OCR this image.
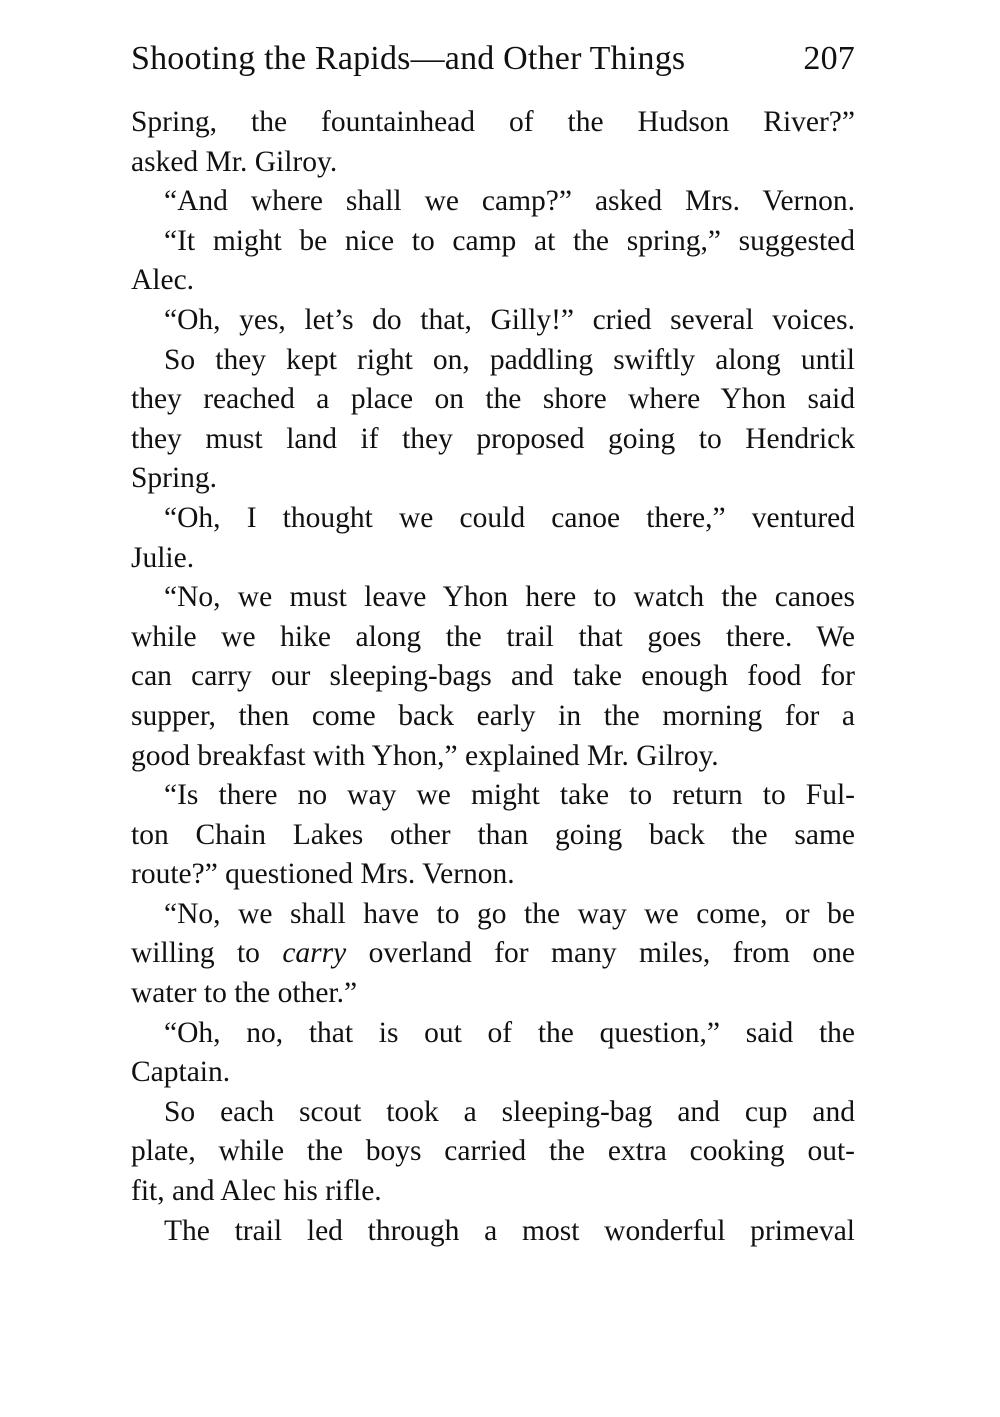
Shooting the Rapids—and Other Things	207
Spring, the fountainhead of the Hudson River?”
asked Mr. Gilroy.
“And where shall we camp?” asked Mrs. Vernon.
“It might be nice to camp at the spring,” suggested
Alec.
“Oh, yes, let’s do that, Gilly!” cried several voices.
So they kept right on, paddling swiftly along until
they reached a place on the shore where Yhon said
they must land if they proposed going to Hendrick
Spring.
“Oh, I thought we could canoe there,” ventured
Julie.
“No, we must leave Yhon here to watch the canoes
while we hike along the trail that goes there. We
can carry our sleeping-bags and take enough food for
supper, then come back early in the morning for a
good breakfast with Yhon,” explained Mr. Gilroy.
“Is there no way we might take to return to Ful-
ton Chain Lakes other than going back the same
route?” questioned Mrs. Vernon.
“No, we shall have to go the way we come, or be
willing to carry overland for many miles, from one
water to the other.”
“Oh, no, that is out of the question,” said the
Captain.
So each scout took a sleeping-bag and cup and
plate, while the boys carried the extra cooking out-
fit, and Alec his rifle.
The trail led through a most wonderful primeval
